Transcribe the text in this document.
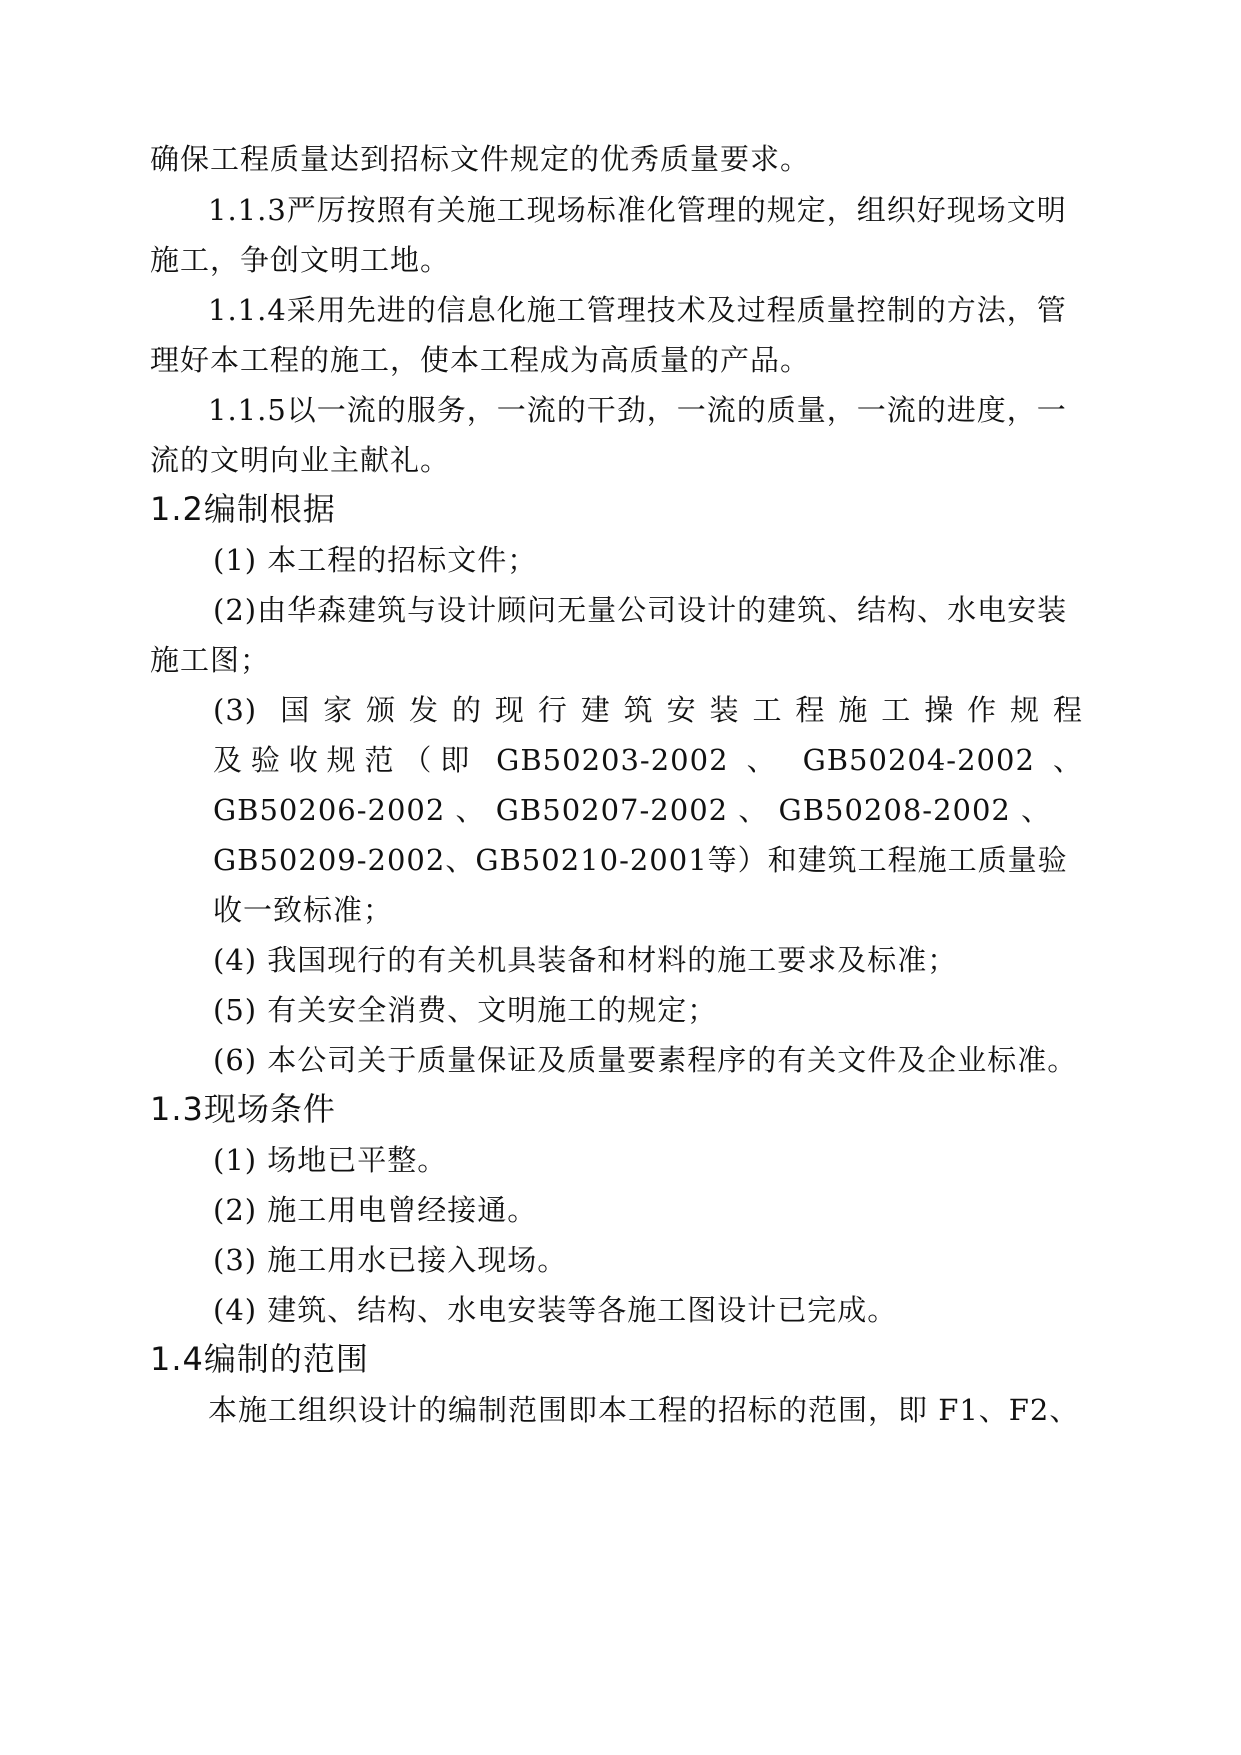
确保工程质量达到招标文件规定的优秀质量要求。
1.1.3严厉按照有关施工现场标准化管理的规定，组织好现场文明
施工，争创文明工地。
1.1.4采用先进的信息化施工管理技术及过程质量控制的方法，管
理好本工程的施工，使本工程成为高质量的产品。
1.1.5以一流的服务，一流的干劲，一流的质量，一流的进度，一
流的文明向业主献礼。
1.2编制根据
(1) 本工程的招标文件；
(2)由华森建筑与设计顾问无量公司设计的建筑、结构、水电安装
施工图；
(3) 国家颁发的现行建筑安装工程施工操作规程
及验收规范（即 GB50203-2002 、 GB50204-2002 、
GB50206-2002 、 GB50207-2002 、 GB50208-2002 、
GB50209-2002、GB50210-2001等）和建筑工程施工质量验
收一致标准；
(4) 我国现行的有关机具装备和材料的施工要求及标准；
(5) 有关安全消费、文明施工的规定；
(6) 本公司关于质量保证及质量要素程序的有关文件及企业标准。
1.3现场条件
(1) 场地已平整。
(2) 施工用电曾经接通。
(3) 施工用水已接入现场。
(4) 建筑、结构、水电安装等各施工图设计已完成。
1.4编制的范围
本施工组织设计的编制范围即本工程的招标的范围，即 F1、F2、
